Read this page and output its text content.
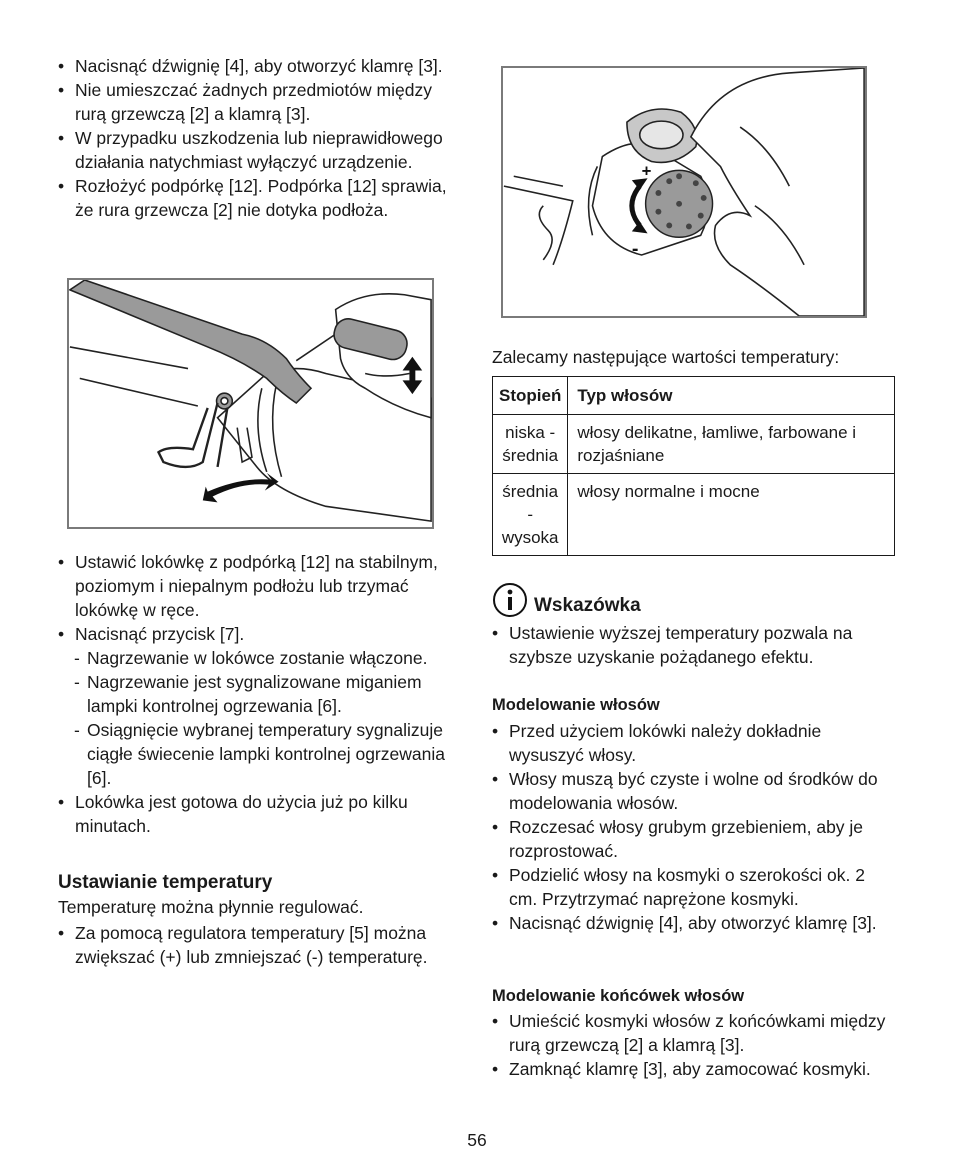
• Nacisnąć dźwignię [4], aby otworzyć klamrę [3].
• Nie umieszczać żadnych przedmiotów między rurą grzewczą [2] a klamrą [3].
• W przypadku uszkodzenia lub nieprawidłowego działania natychmiast wyłączyć urządzenie.
• Rozłożyć podpórkę [12]. Podpórka [12] sprawia, że rura grzewcza [2] nie dotyka podłoża.
• Ustawić lokówkę z podpórką [12] na stabilnym, poziomym i niepalnym podłożu lub trzymać lokówkę w ręce.
• Nacisnąć przycisk [7].
- Nagrzewanie w lokówce zostanie włączone.
- Nagrzewanie jest sygnalizowane miganiem lampki kontrolnej ogrzewania [6].
- Osiągnięcie wybranej temperatury sygnalizuje ciągłe świecenie lampki kontrolnej ogrzewania [6].
• Lokówka jest gotowa do użycia już po kilku minutach.
Ustawianie temperatury
Temperaturę można płynnie regulować.
• Za pomocą regulatora temperatury [5] można zwiększać (+) lub zmniejszać (-) temperaturę.
+
-
Zalecamy następujące wartości temperatury:
Stopień	Typ włosów
niska - średnia	włosy delikatne, łamliwe, farbowane i rozjaśniane
średnia - wysoka	włosy normalne i mocne
Wskazówka
• Ustawienie wyższej temperatury pozwala na szybsze uzyskanie pożądanego efektu.
Modelowanie włosów
• Przed użyciem lokówki należy dokładnie wysuszyć włosy.
• Włosy muszą być czyste i wolne od środków do modelowania włosów.
• Rozczesać włosy grubym grzebieniem, aby je rozprostować.
• Podzielić włosy na kosmyki o szerokości ok. 2 cm. Przytrzymać naprężone kosmyki.
• Nacisnąć dźwignię [4], aby otworzyć klamrę [3].
Modelowanie końcówek włosów
• Umieścić kosmyki włosów z końcówkami między rurą grzewczą [2] a klamrą [3].
• Zamknąć klamrę [3], aby zamocować kosmyki.
56
